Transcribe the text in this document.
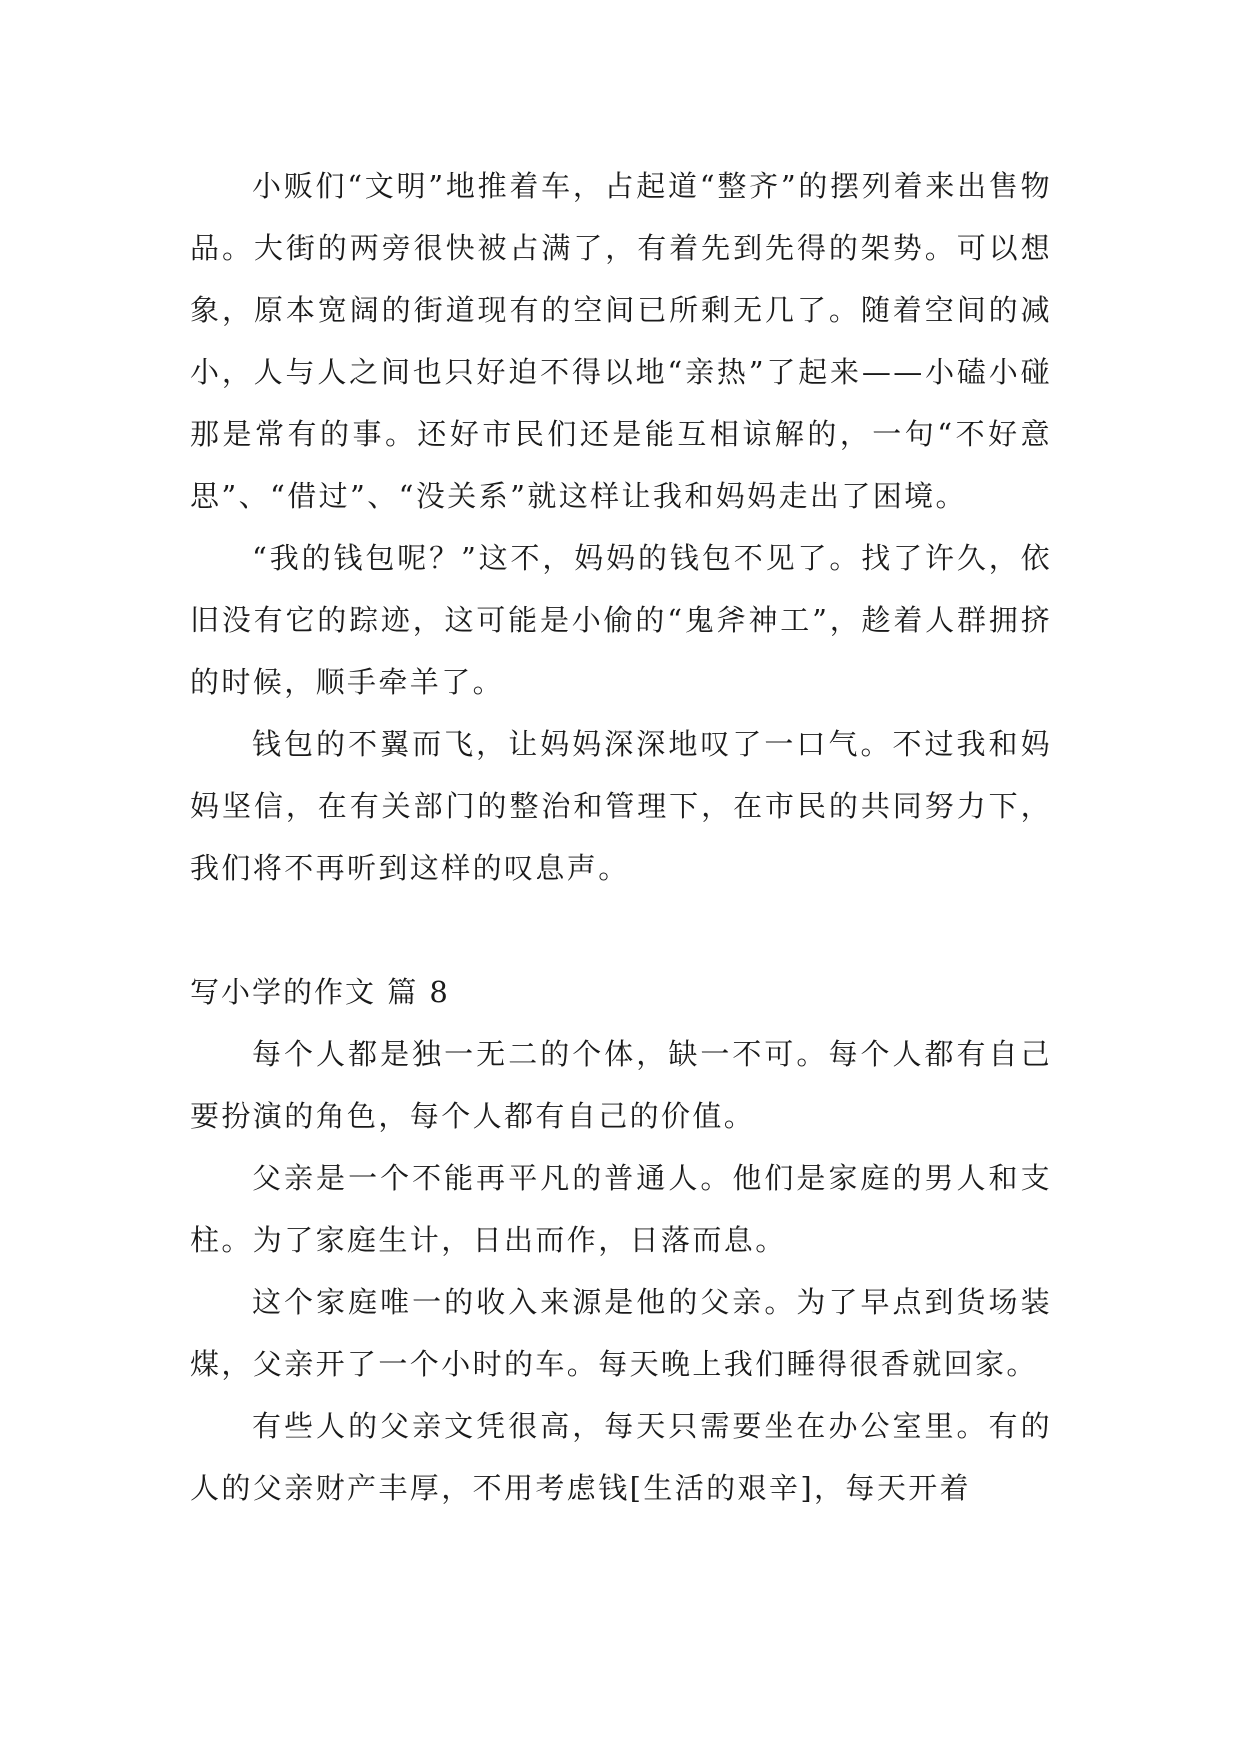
小贩们“文明”地推着车，占起道“整齐”的摆列着来出售物品。大街的两旁很快被占满了，有着先到先得的架势。可以想象，原本宽阔的街道现有的空间已所剩无几了。随着空间的减小，人与人之间也只好迫不得以地“亲热”了起来——小磕小碰那是常有的事。还好市民们还是能互相谅解的，一句“不好意思”、“借过”、“没关系”就这样让我和妈妈走出了困境。

“我的钱包呢？”这不，妈妈的钱包不见了。找了许久，依旧没有它的踪迹，这可能是小偷的“鬼斧神工”，趁着人群拥挤的时候，顺手牵羊了。

钱包的不翼而飞，让妈妈深深地叹了一口气。不过我和妈妈坚信，在有关部门的整治和管理下，在市民的共同努力下，我们将不再听到这样的叹息声。

写小学的作文 篇 8

每个人都是独一无二的个体，缺一不可。每个人都有自己要扮演的角色，每个人都有自己的价值。

父亲是一个不能再平凡的普通人。他们是家庭的男人和支柱。为了家庭生计，日出而作，日落而息。

这个家庭唯一的收入来源是他的父亲。为了早点到货场装煤，父亲开了一个小时的车。每天晚上我们睡得很香就回家。

有些人的父亲文凭很高，每天只需要坐在办公室里。有的人的父亲财产丰厚，不用考虑钱[生活的艰辛]，每天开着
